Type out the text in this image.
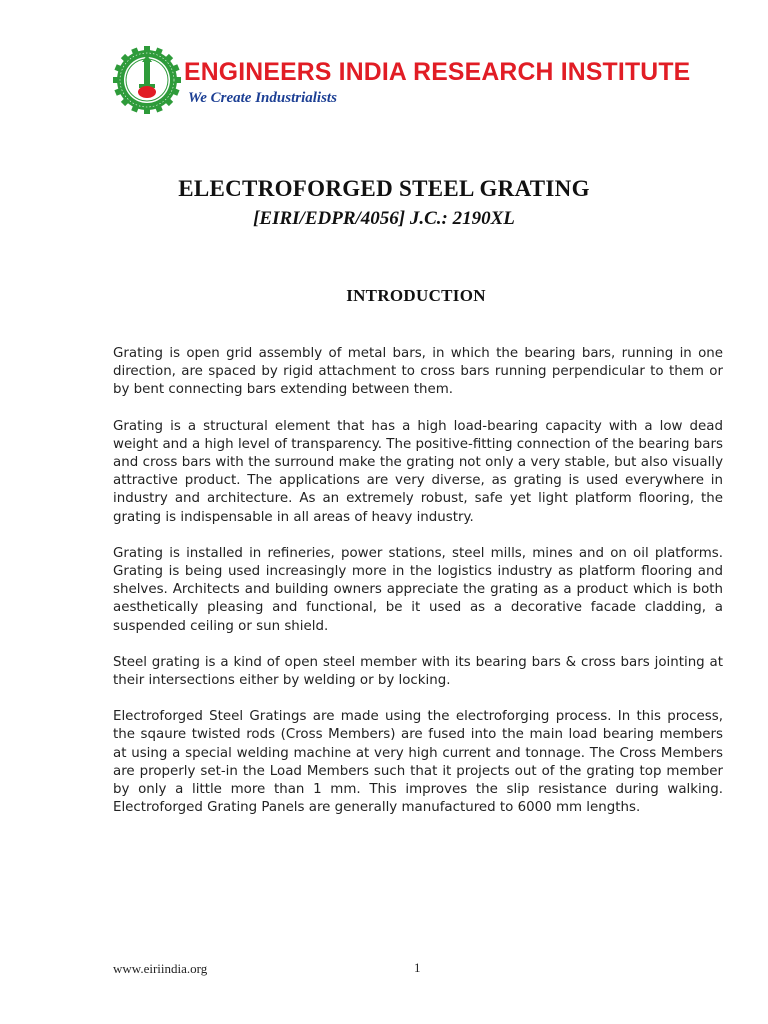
ENGINEERS INDIA RESEARCH INSTITUTE
We Create Industrialists
ELECTROFORGED STEEL GRATING
[EIRI/EDPR/4056] J.C.: 2190XL
INTRODUCTION

Grating is open grid assembly of metal bars, in which the bearing bars, running in one direction, are spaced by rigid attachment to cross bars running perpendicular to them or by bent connecting bars extending between them.

Grating is a structural element that has a high load-bearing capacity with a low dead weight and a high level of transparency. The positive-fitting connection of the bearing bars and cross bars with the surround make the grating not only a very stable, but also visually attractive product. The applications are very diverse, as grating is used everywhere in industry and architecture. As an extremely robust, safe yet light platform flooring, the grating is indispensable in all areas of heavy industry.

Grating is installed in refineries, power stations, steel mills, mines and on oil platforms. Grating is being used increasingly more in the logistics industry as platform flooring and shelves. Architects and building owners appreciate the grating as a product which is both aesthetically pleasing and functional, be it used as a decorative facade cladding, a suspended ceiling or sun shield.

Steel grating is a kind of open steel member with its bearing bars & cross bars jointing at their intersections either by welding or by locking.

Electroforged Steel Gratings are made using the electroforging process. In this process, the sqaure twisted rods (Cross Members) are fused into the main load bearing members at using a special welding machine at very high current and tonnage. The Cross Members are properly set-in the Load Members such that it projects out of the grating top member by only a little more than 1 mm. This improves the slip resistance during walking. Electroforged Grating Panels are generally manufactured to 6000 mm lengths.

www.eiriindia.org	1
